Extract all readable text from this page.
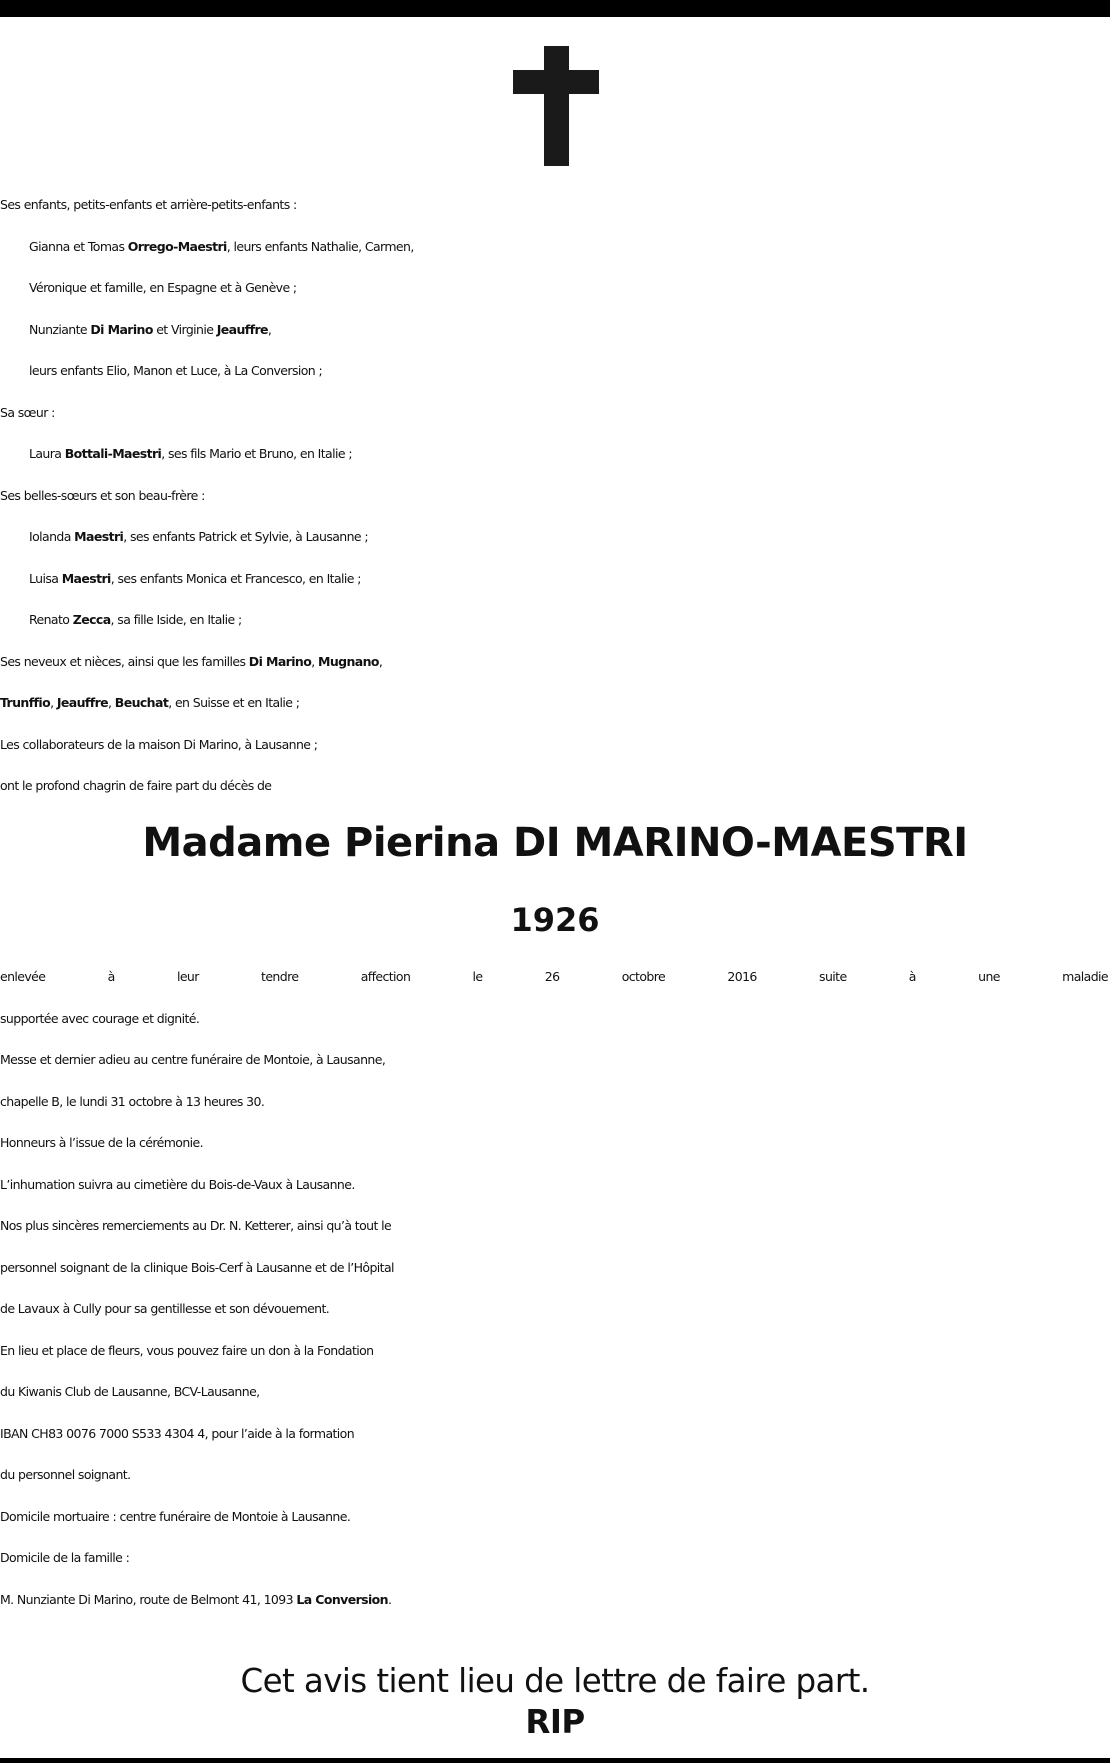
Ses enfants, petits-enfants et arrière-petits-enfants :
Gianna et Tomas Orrego-Maestri, leurs enfants Nathalie, Carmen,
Véronique et famille, en Espagne et à Genève ;
Nunziante Di Marino et Virginie Jeauffre,
leurs enfants Elio, Manon et Luce, à La Conversion ;
Sa sœur :
Laura Bottali-Maestri, ses fils Mario et Bruno, en Italie ;
Ses belles-sœurs et son beau-frère :
Iolanda Maestri, ses enfants Patrick et Sylvie, à Lausanne ;
Luisa Maestri, ses enfants Monica et Francesco, en Italie ;
Renato Zecca, sa fille Iside, en Italie ;
Ses neveux et nièces, ainsi que les familles Di Marino, Mugnano,
Trunffio, Jeauffre, Beuchat, en Suisse et en Italie ;
Les collaborateurs de la maison Di Marino, à Lausanne ;
ont le profond chagrin de faire part du décès de
Madame Pierina DI MARINO-MAESTRI
1926
enlevée à leur tendre affection le 26 octobre 2016 suite à une maladie
supportée avec courage et dignité.
Messe et dernier adieu au centre funéraire de Montoie, à Lausanne,
chapelle B, le lundi 31 octobre à 13 heures 30.
Honneurs à l’issue de la cérémonie.
L’inhumation suivra au cimetière du Bois-de-Vaux à Lausanne.
Nos plus sincères remerciements au Dr. N. Ketterer, ainsi qu’à tout le
personnel soignant de la clinique Bois-Cerf à Lausanne et de l’Hôpital
de Lavaux à Cully pour sa gentillesse et son dévouement.
En lieu et place de fleurs, vous pouvez faire un don à la Fondation
du Kiwanis Club de Lausanne, BCV-Lausanne,
IBAN CH83 0076 7000 S533 4304 4, pour l’aide à la formation
du personnel soignant.
Domicile mortuaire : centre funéraire de Montoie à Lausanne.
Domicile de la famille :
M. Nunziante Di Marino, route de Belmont 41, 1093 La Conversion.
Cet avis tient lieu de lettre de faire part.
RIP
